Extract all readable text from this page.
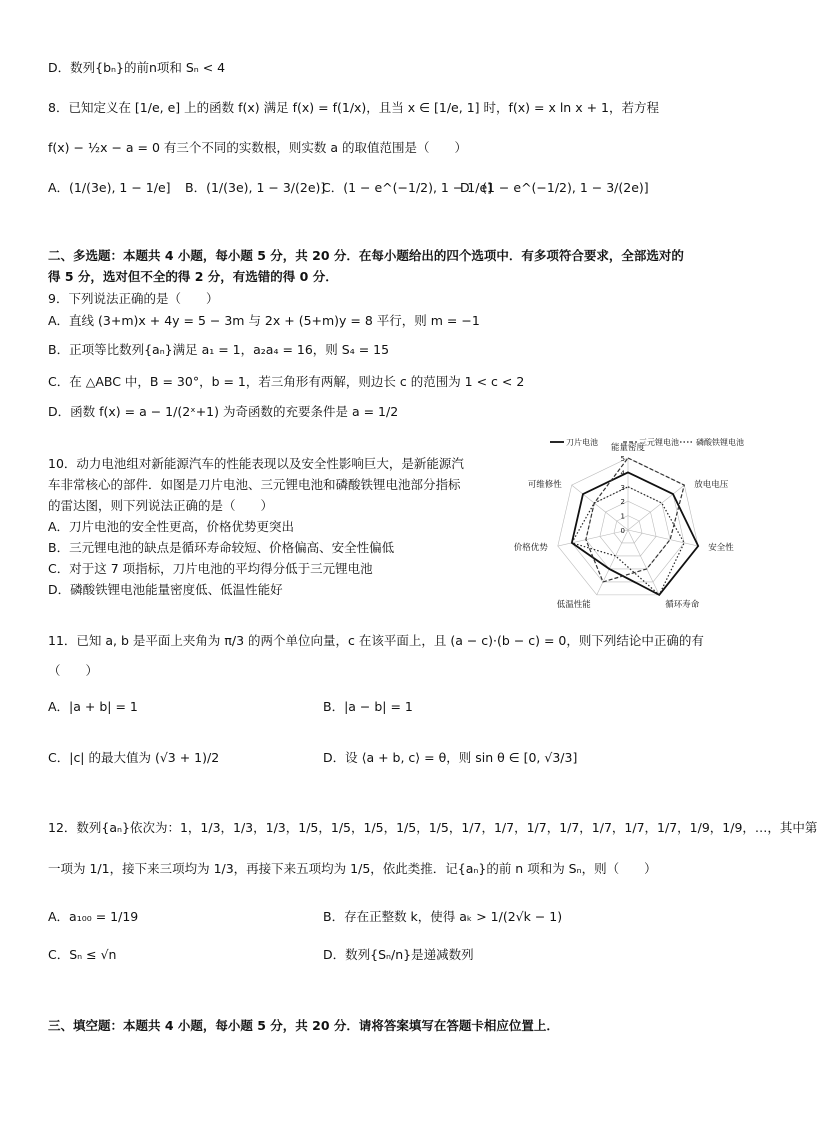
D．数列{bₙ}的前n项和 Sₙ < 4
8．已知定义在 [1/e, e] 上的函数 f(x) 满足 f(x) = f(1/x)，且当 x ∈ [1/e, 1] 时，f(x) = x ln x + 1，若方程
f(x) − ½x − a = 0 有三个不同的实数根，则实数 a 的取值范围是（　　）
A．(1/(3e), 1 − 1/e] B．(1/(3e), 1 − 3/(2e)]
C．(1 − e^(−1/2), 1 − 1/e]
D．(1 − e^(−1/2), 1 − 3/(2e)]
二、多选题：本题共 4 小题，每小题 5 分，共 20 分．在每小题给出的四个选项中．有多项符合要求，全部选对的
得 5 分，选对但不全的得 2 分，有选错的得 0 分．
9．下列说法正确的是（　　）
A．直线 (3+m)x + 4y = 5 − 3m 与 2x + (5+m)y = 8 平行，则 m = −1
B．正项等比数列{aₙ}满足 a₁ = 1，a₂a₄ = 16，则 S₄ = 15
C．在 △ABC 中，B = 30°，b = 1，若三角形有两解，则边长 c 的范围为 1 < c < 2
D．函数 f(x) = a − 1/(2ˣ+1) 为奇函数的充要条件是 a = 1/2
10．动力电池组对新能源汽车的性能表现以及安全性影响巨大，是新能源汽
车非常核心的部件．如图是刀片电池、三元锂电池和磷酸铁锂电池部分指标
的雷达图，则下列说法正确的是（　　）
A．刀片电池的安全性更高，价格优势更突出
B．三元锂电池的缺点是循环寿命较短、价格偏高、安全性偏低
C．对于这 7 项指标，刀片电池的平均得分低于三元锂电池
D．磷酸铁锂电池能量密度低、低温性能好
刀片电池	三元锂电池 磷酸铁锂电池
能量密度
放电电压
安全性
循环寿命
低温性能
价格优势
可维修性
0
1
2
3
4
5
11．已知 a, b 是平面上夹角为 π/3 的两个单位向量，c 在该平面上，且 (a − c)·(b − c) = 0，则下列结论中正确的有
（　　）
A．|a + b| = 1	B．|a − b| = 1
C．|c| 的最大值为 (√3 + 1)/2	D．设 ⟨a + b, c⟩ = θ，则 sin θ ∈ [0, √3/3]
12．数列{aₙ}依次为：1，1/3，1/3，1/3，1/5，1/5，1/5，1/5，1/5，1/7，1/7，1/7，1/7，1/7，1/7，1/7，1/9，1/9，…，其中第
一项为 1/1，接下来三项均为 1/3，再接下来五项均为 1/5，依此类推．记{aₙ}的前 n 项和为 Sₙ，则（　　）
A．a₁₀₀ = 1/19	B．存在正整数 k，使得 aₖ > 1/(2√k − 1)
C．Sₙ ≤ √n	D．数列{Sₙ/n}是递减数列
三、填空题：本题共 4 小题，每小题 5 分，共 20 分．请将答案填写在答题卡相应位置上．
